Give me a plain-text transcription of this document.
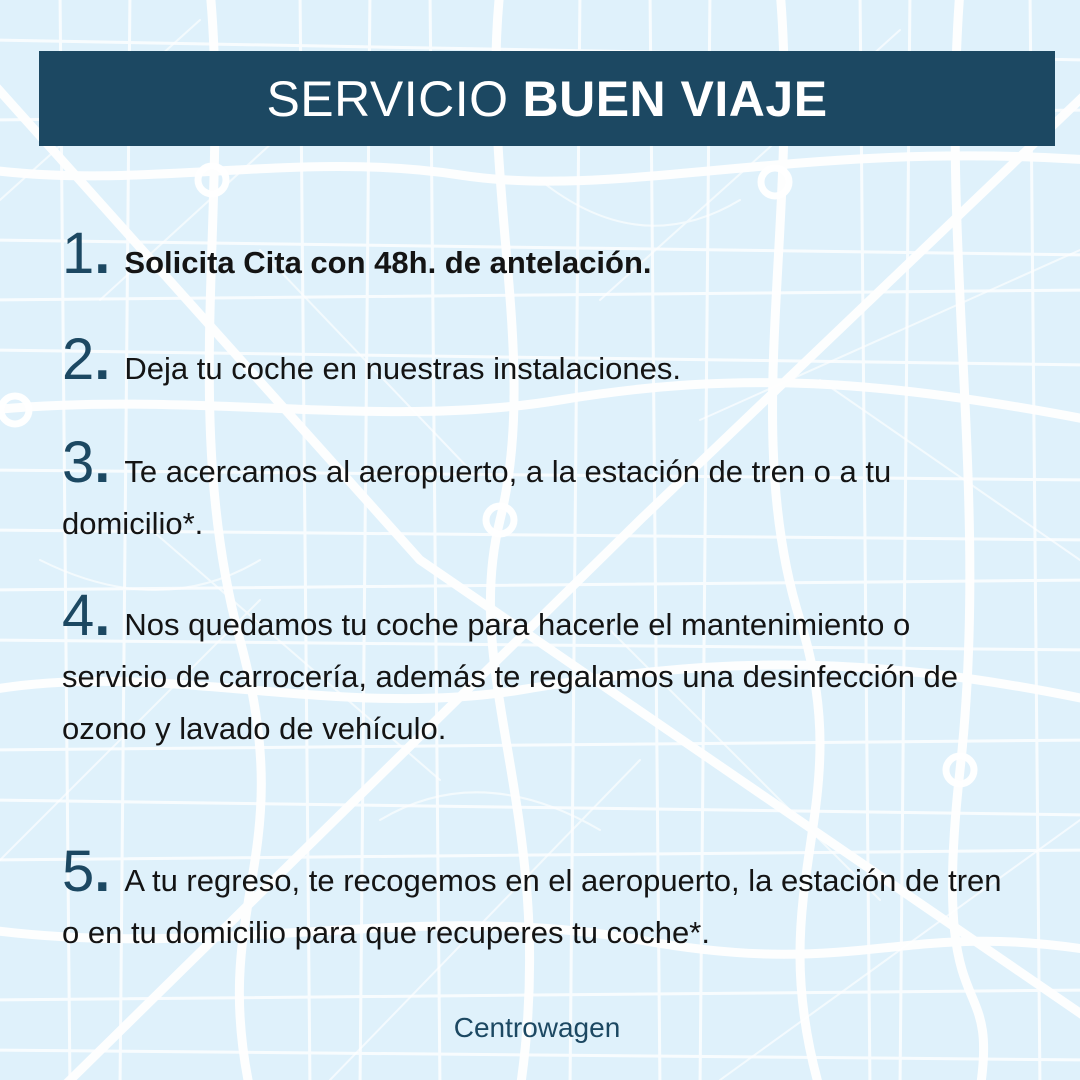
SERVICIO BUEN VIAJE
1. Solicita Cita con 48h. de antelación.
2. Deja tu coche en nuestras instalaciones.
3. Te acercamos al aeropuerto, a la estación de tren o a tu domicilio*.
4. Nos quedamos tu coche para hacerle el mantenimiento o servicio de carrocería, además te regalamos una desinfección de ozono y lavado de vehículo.
5. A tu regreso, te recogemos en el aeropuerto, la estación de tren o en tu domicilio para que recuperes tu coche*.
Centrowagen
